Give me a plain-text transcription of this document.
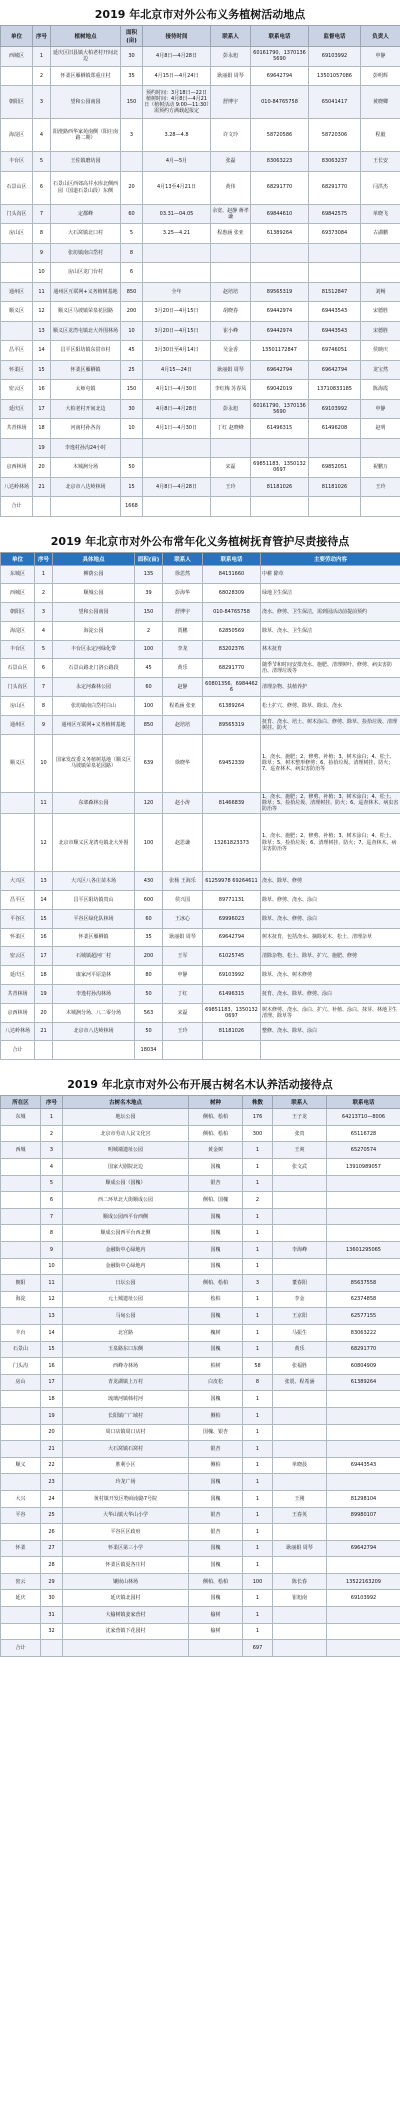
2019 年北京市对外公布义务植树活动地点
单位	序号	植树地点	面积(亩)	接待时间	联系人	联系电话	监督电话	负责人
西城区	1	延庆区旧县镇大柏老村开间北边	30	4月8日—4月28日	彭永旭	60161790、13701365690	69103992	申静
	2	怀柔区雁栖镇郑重庄村	35	4月15日—4月24日	耿丽娟 周琴	69642794	13501057086	彭明辉
朝阳区	3	望和公园南园	150	预约时间：3月18日—22日植树时间：4月8日—4月21日（植树活动 9:00—11:30）需预约方满载起报定	舒博宇	010-84765758	65041417	黄晓卿
海淀区	4	阳澄路西华家苑南侧（阳庄南路二期）	3	3.28—4.8	许文玲	58720586	58720306	程毅
丰台区	5	王佐镇磨坊园		4月—5月	张磊	83063223	83063237	王长安
石景山区	6	石景山区西郊高井水库北侧西园（国道石景山段）东侧	20	4月13至4月21日	黄伟	68291770	68291770	闫洪杰
门头沟区	7	定都峰	60	03.31—04.05	余宽、赵静 蒋孝谦	69844610	69842575	单晓飞
房山区	8	大石窝镇北口村	5	3.25—4.21	程惠涵 张亚	61389264	69373084	古湖鹏
	9	张坊镇南白岱村	8					
	10	房山区龙门台村	6					
通州区	11	通州区互联网+义务植树基地	850	全年	赵培培	89565319	81512847	刘畅
顺义区	12	顺义区马坡镇荣泉花园路	200	3月20日—4月15日	胡晓春	69442974	69443543	宋德胜
	13	顺义区龙湾屯镇北大外围林场	10	3月20日—4月15日	崔小峰	69442974	69443543	宋德胜
昌平区	14	昌平区阳坊镇东贯市村	45	3月30日至4月14日	吴金香	13501172847	69746051	侯映庆
怀柔区	15	怀柔区雁栖镇	25	4月15—24日	耿丽娟 周琴	69642794	69642794	龙宝然
密云区	16	太师屯镇	150	4月1日—4月30日	李红梅 苏春凤	69042019	13710833185	陈海霞
延庆区	17	大柏老村开间北边	30	4月8日—4月28日	彭永旭	60161790、13701365690	69103992	申静
共青林场	18	河南村孙各沟	10	4月1日—4月30日	丁红 赵晓峰	61496315	61496208	赵明
	19	李逸村孙沟24小时						
京西林场	20	木城涧分场	50		宋磊	69851183、13501320697	69852051	祝鹏万
八达岭林场	21	北京市八达岭林场	15	4月8日—4月28日	王玲	81181026	81181026	王玲
合计			1668					
2019 年北京市对外公布常年化义务植树抚育管护尽责接待点
单位	序号	具体地点	面积(亩)	联系人	联系电话	主要劳动内容
东城区	1	柳荫公园	135	徐思然	84131660	中耕 除草
西城区	2	顺城公园	39	彭海华	68028309	绿地卫生保洁
朝阳区	3	望和公园南园	150	舒博宇	010-84765758	浇水、修剪、卫生保洁，需到园活动前提前预约
海淀区	4	海淀公园	2	贾鹏	62850569	除草、浇水、卫生保洁
丰台区	5	丰台区永定河绿化带	100	李龙	83202376	林木抚育
石景山区	6	石景山路北门洛公路段	45	黄乐	68291770	随季节和时间安排浇水、施肥、清理树叶、修剪、病虫害防治、清理垃圾等
门头沟区	7	永定河森林公园	60	赵静	60801356、69844626	清理杂物、扶植养护
房山区	8	张坊镇南白岱村白山	100	程希涵 张亚	61389264	松土扩穴、修剪、除草、除虫、浇水
通州区	9	通州区互联网+义务植树基地	850	赵培培	89565319	抚育、浇水、培土、树木涂白、修剪、除草、捡拾垃圾、清理树挂、防火
顺义区	10	国家发改委义务植树基地（顺义区马坡镇荣泉花园路）	639	徐晓华	69452339	1、浇水、施肥；2、修剪、补植；3、树木涂白；4、松土、除草；5、树木整形修剪；6、捡拾垃圾、清理树挂、防火；7、巡查林木、病虫害防治等
	11	东郊森林公园	120	赵小涛	81466839	1、浇水、施肥；2、修剪、补植；3、树木涂白；4、松土、除草；5、捡拾垃圾、清理树挂、防火；6、巡查林木、病虫害防治等
	12	北京市顺义区龙湾屯镇北大外围	100	赵思谦	13261823373	1、浇水、施肥；2、修剪、补植；3、树木涂白；4、松土、除草；5、捡拾垃圾；6、清理树挂、防火；7、巡查林木、病虫害防治等
大兴区	13	大兴区八各庄苗木场	430	张杨 王海乐	61259978 69264611	浇水、除草、修剪
昌平区	14	昌平区阳坊镇贵山	600	侯兴国	89771131	除草、修剪、浇水、涂白
平谷区	15	平谷区绿化队林场	60	王冰心	69996023	除草、浇水、修剪、涂白
怀柔区	16	怀柔区雁栖镇	35	耿丽娟 周琴	69642794	树木抚育，包括浇水、摘除花木、松土、清理杂草
密云区	17	石城镇超河厂村	200	王军	61025745	清除杂物、松土、除草、扩穴、施肥、修剪
延庆区	18	康家河平原造林	80	申静	69103992	除草、浇水、树木修剪
共青林场	19	李逸村孙沟林场	50	丁红	61496315	抚育、浇水、除草、修剪、涂白
京西林场	20	木城涧分场、八二零分场	563	宋磊	69851183、13501320697	树木修剪、浇水、涂白、扩穴、补植、涂白、抹芽、林地卫生清理、除草等
八达岭林场	21	北京市八达岭林场	50	王玲	81181026	整修、浇水、除草、涂白
合计			18034			
2019 年北京市对外公布开展古树名木认养活动接待点
所在区	序号	古树名木地点	树种	株数	联系人	联系电话
东城	1	地坛公园	侧柏、桧柏	176	王子龙	64213710—8006
	2	北京市劳动人民文化宫	侧柏、桧柏	300	张贵	65116728
西城	3	明城墙遗址公园	黄金树	1	王爽	65270574
	4	国家大剧院北边	国槐	1	张文武	13910989057
	5	顺成公园（国槐）	银杏	1		
	6	西二环草北大街顺成公园	侧柏、国槐	2		
	7	顺成公园西平台西侧	国槐	1		
	8	顺成公园西平台西北侧	国槐	1		
	9	金融街中心绿地内	国槐	1	李海峰	13601295065
	10	金融街中心绿地内	国槐	1		
朝阳	11	日坛公园	侧柏、桧柏	3	董春阳	85637558
海淀	12	元土城遗址公园	桧柏	1	李金	62374858
	13	马甸公园	国槐	1	王京阳	62577155
丰台	14	北宫路	槐树	1	马振生	83063222
石景山	15	玉泉路东口东侧	国槐	1	黄乐	68291770
门头沟	16	西峰寺林场	柏树	58	张福胜	60804909
房山	17	青龙湖镇上万村	白皮松	8	张震、程希涵	61389264
	18	琉璃河镇韩村河	国槐	1		
	19	长阳镇广广域村	侧柏	1		
	20	周口店镇周口店村	国槐、银杏	1		
	21	大石窝镇石窝村	银杏	1		
顺义	22	胜利小区	侧柏	1	单晓晨	69443543
	23	玲龙广场	国槐	1		
大兴	24	黄村镇开发区物商南路7号院	国槐	1	王刚	81298104
平谷	25	大华山镇大华山小学	银杏	1	王春英	89980107
	26	平谷区区政府	银杏	1		
怀柔	27	怀柔区第三小学	国槐	1	耿丽娟 周琴	69642794
	28	怀柔区镇夏各庄村	国槐	1		
密云	29	镶嵌山林场	侧柏、桧柏	100	陈长春	13522163209
延庆	30	延庆镇北园村	国槐	1	崔旭南	69103992
	31	大榆树镇姜家营村	榆树	1		
	32	沈家营镇下花园村	榆树	1		
合计				697		
